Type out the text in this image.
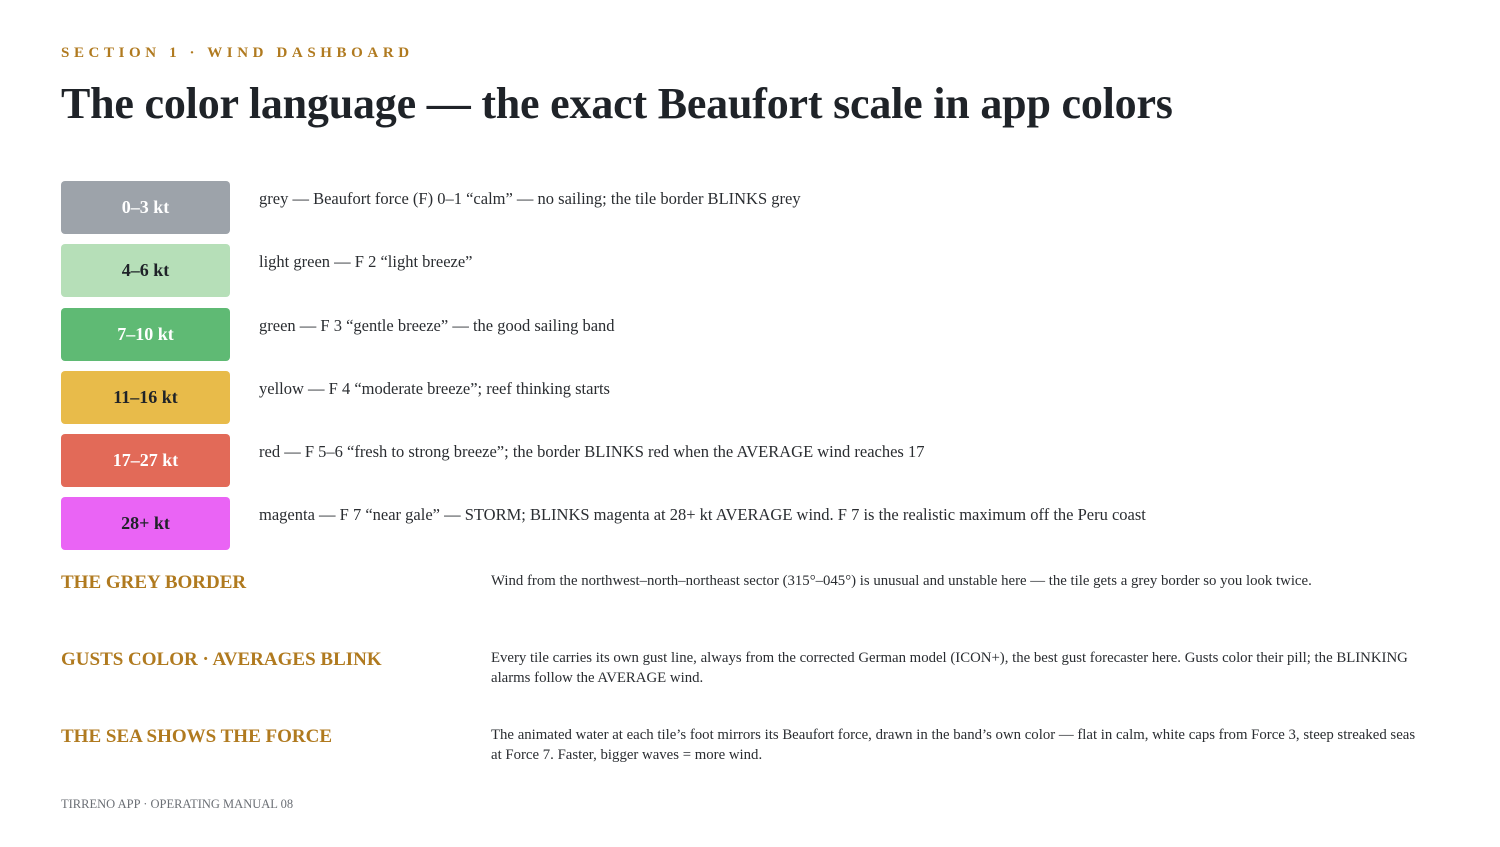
SECTION 1 · WIND DASHBOARD
The color language — the exact Beaufort scale in app colors
0–3 kt	grey — Beaufort force (F) 0–1 “calm” — no sailing; the tile border BLINKS grey
4–6 kt	light green — F 2 “light breeze”
7–10 kt	green — F 3 “gentle breeze” — the good sailing band
11–16 kt	yellow — F 4 “moderate breeze”; reef thinking starts
17–27 kt	red — F 5–6 “fresh to strong breeze”; the border BLINKS red when the AVERAGE wind reaches 17
28+ kt	magenta — F 7 “near gale” — STORM; BLINKS magenta at 28+ kt AVERAGE wind. F 7 is the realistic maximum off the Peru coast
THE GREY BORDER	Wind from the northwest–north–northeast sector (315°–045°) is unusual and unstable here — the tile gets a grey border so you look twice.
GUSTS COLOR · AVERAGES BLINK	Every tile carries its own gust line, always from the corrected German model (ICON+), the best gust forecaster here. Gusts color their pill; the BLINKING alarms follow the AVERAGE wind.
THE SEA SHOWS THE FORCE	The animated water at each tile’s foot mirrors its Beaufort force, drawn in the band’s own color — flat in calm, white caps from Force 3, steep streaked seas at Force 7. Faster, bigger waves = more wind.
TIRRENO APP · OPERATING MANUAL 08
